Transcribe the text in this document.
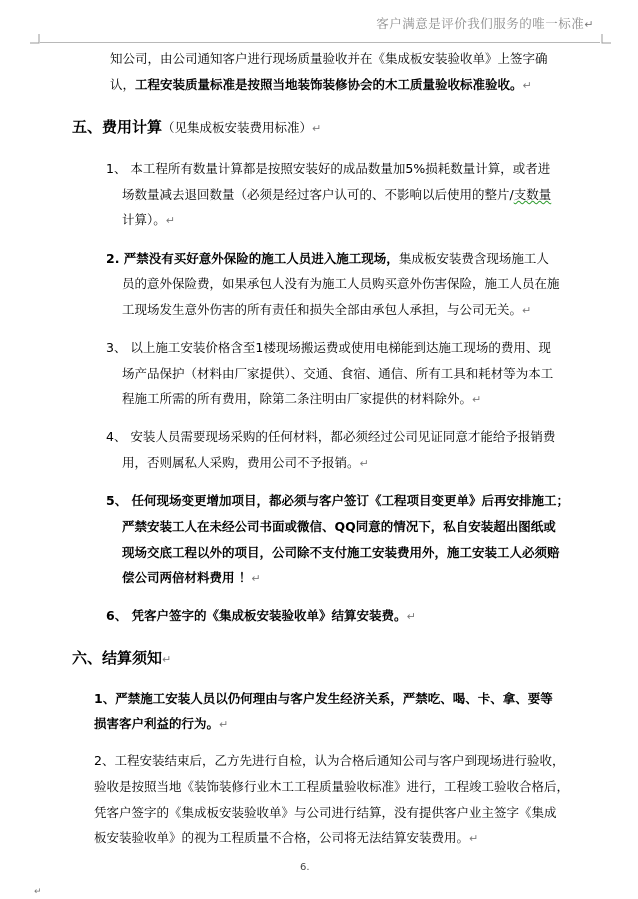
客户满意是评价我们服务的唯一标准↵
知公司，由公司通知客户进行现场质量验收并在《集成板安装验收单》上签字确
认，工程安装质量标准是按照当地装饰装修协会的木工质量验收标准验收。↵
五、费用计算（见集成板安装费用标准）↵
1、 本工程所有数量计算都是按照安装好的成品数量加5%损耗数量计算，或者进
场数量减去退回数量（必须是经过客户认可的、不影响以后使用的整片/支数量
计算）。↵
2. 严禁没有买好意外保险的施工人员进入施工现场，集成板安装费含现场施工人
员的意外保险费，如果承包人没有为施工人员购买意外伤害保险，施工人员在施
工现场发生意外伤害的所有责任和损失全部由承包人承担，与公司无关。↵
3、 以上施工安装价格含至1楼现场搬运费或使用电梯能到达施工现场的费用、现
场产品保护（材料由厂家提供）、交通、食宿、通信、所有工具和耗材等为本工
程施工所需的所有费用，除第二条注明由厂家提供的材料除外。↵
4、 安装人员需要现场采购的任何材料，都必须经过公司见证同意才能给予报销费
用，否则属私人采购，费用公司不予报销。↵
5、 任何现场变更增加项目，都必须与客户签订《工程项目变更单》后再安排施工；
严禁安装工人在未经公司书面或微信、QQ同意的情况下，私自安装超出图纸或
现场交底工程以外的项目，公司除不支付施工安装费用外，施工安装工人必须赔
偿公司两倍材料费用 ！↵
6、 凭客户签字的《集成板安装验收单》结算安装费。↵
六、结算须知↵
1、严禁施工安装人员以仍何理由与客户发生经济关系，严禁吃、喝、卡、拿、要等
损害客户利益的行为。↵
2、工程安装结束后，乙方先进行自检，认为合格后通知公司与客户到现场进行验收，
验收是按照当地《装饰装修行业木工工程质量验收标准》进行，工程竣工验收合格后，
凭客户签字的《集成板安装验收单》与公司进行结算，没有提供客户业主签字《集成
板安装验收单》的视为工程质量不合格，公司将无法结算安装费用。↵
6.
↵
